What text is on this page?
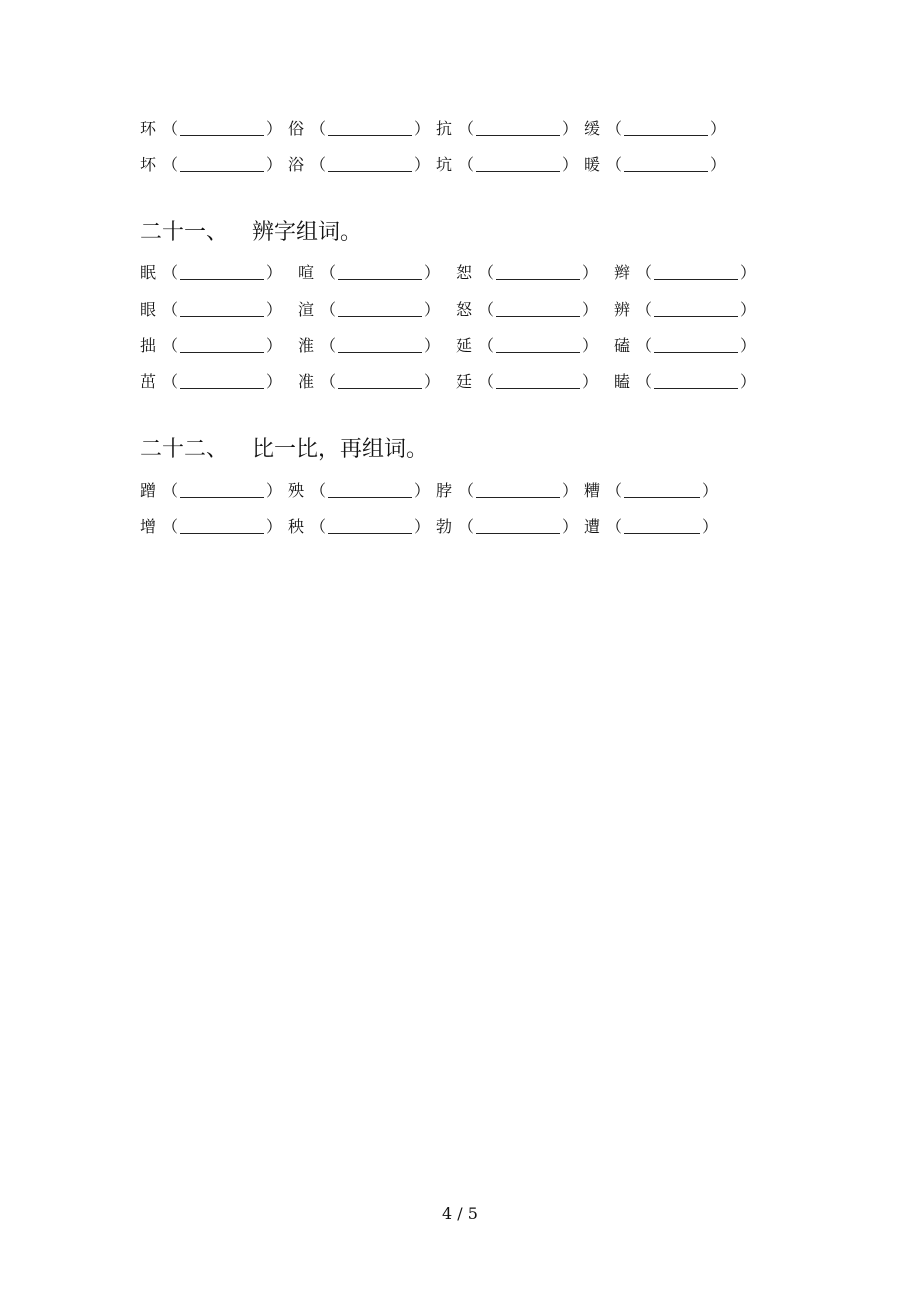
环 （	） 俗 （	） 抗 （	） 缓 （	）
坏 （	） 浴 （	） 坑 （	） 暖 （	）
二十一、 辨字组词。
眠 （	） 喧 （	） 恕 （	） 辫 （	）
眼 （	） 渲 （	） 怒 （	） 辨 （	）
拙 （	） 淮 （	） 延 （	） 磕 （	）
茁 （	） 准 （	） 廷 （	） 瞌 （	）
二十二、 比一比，再组词。
蹭 （	） 殃 （	） 脖 （	） 糟 （	）
增 （	） 秧 （	） 勃 （	） 遭 （	）
4 / 5
